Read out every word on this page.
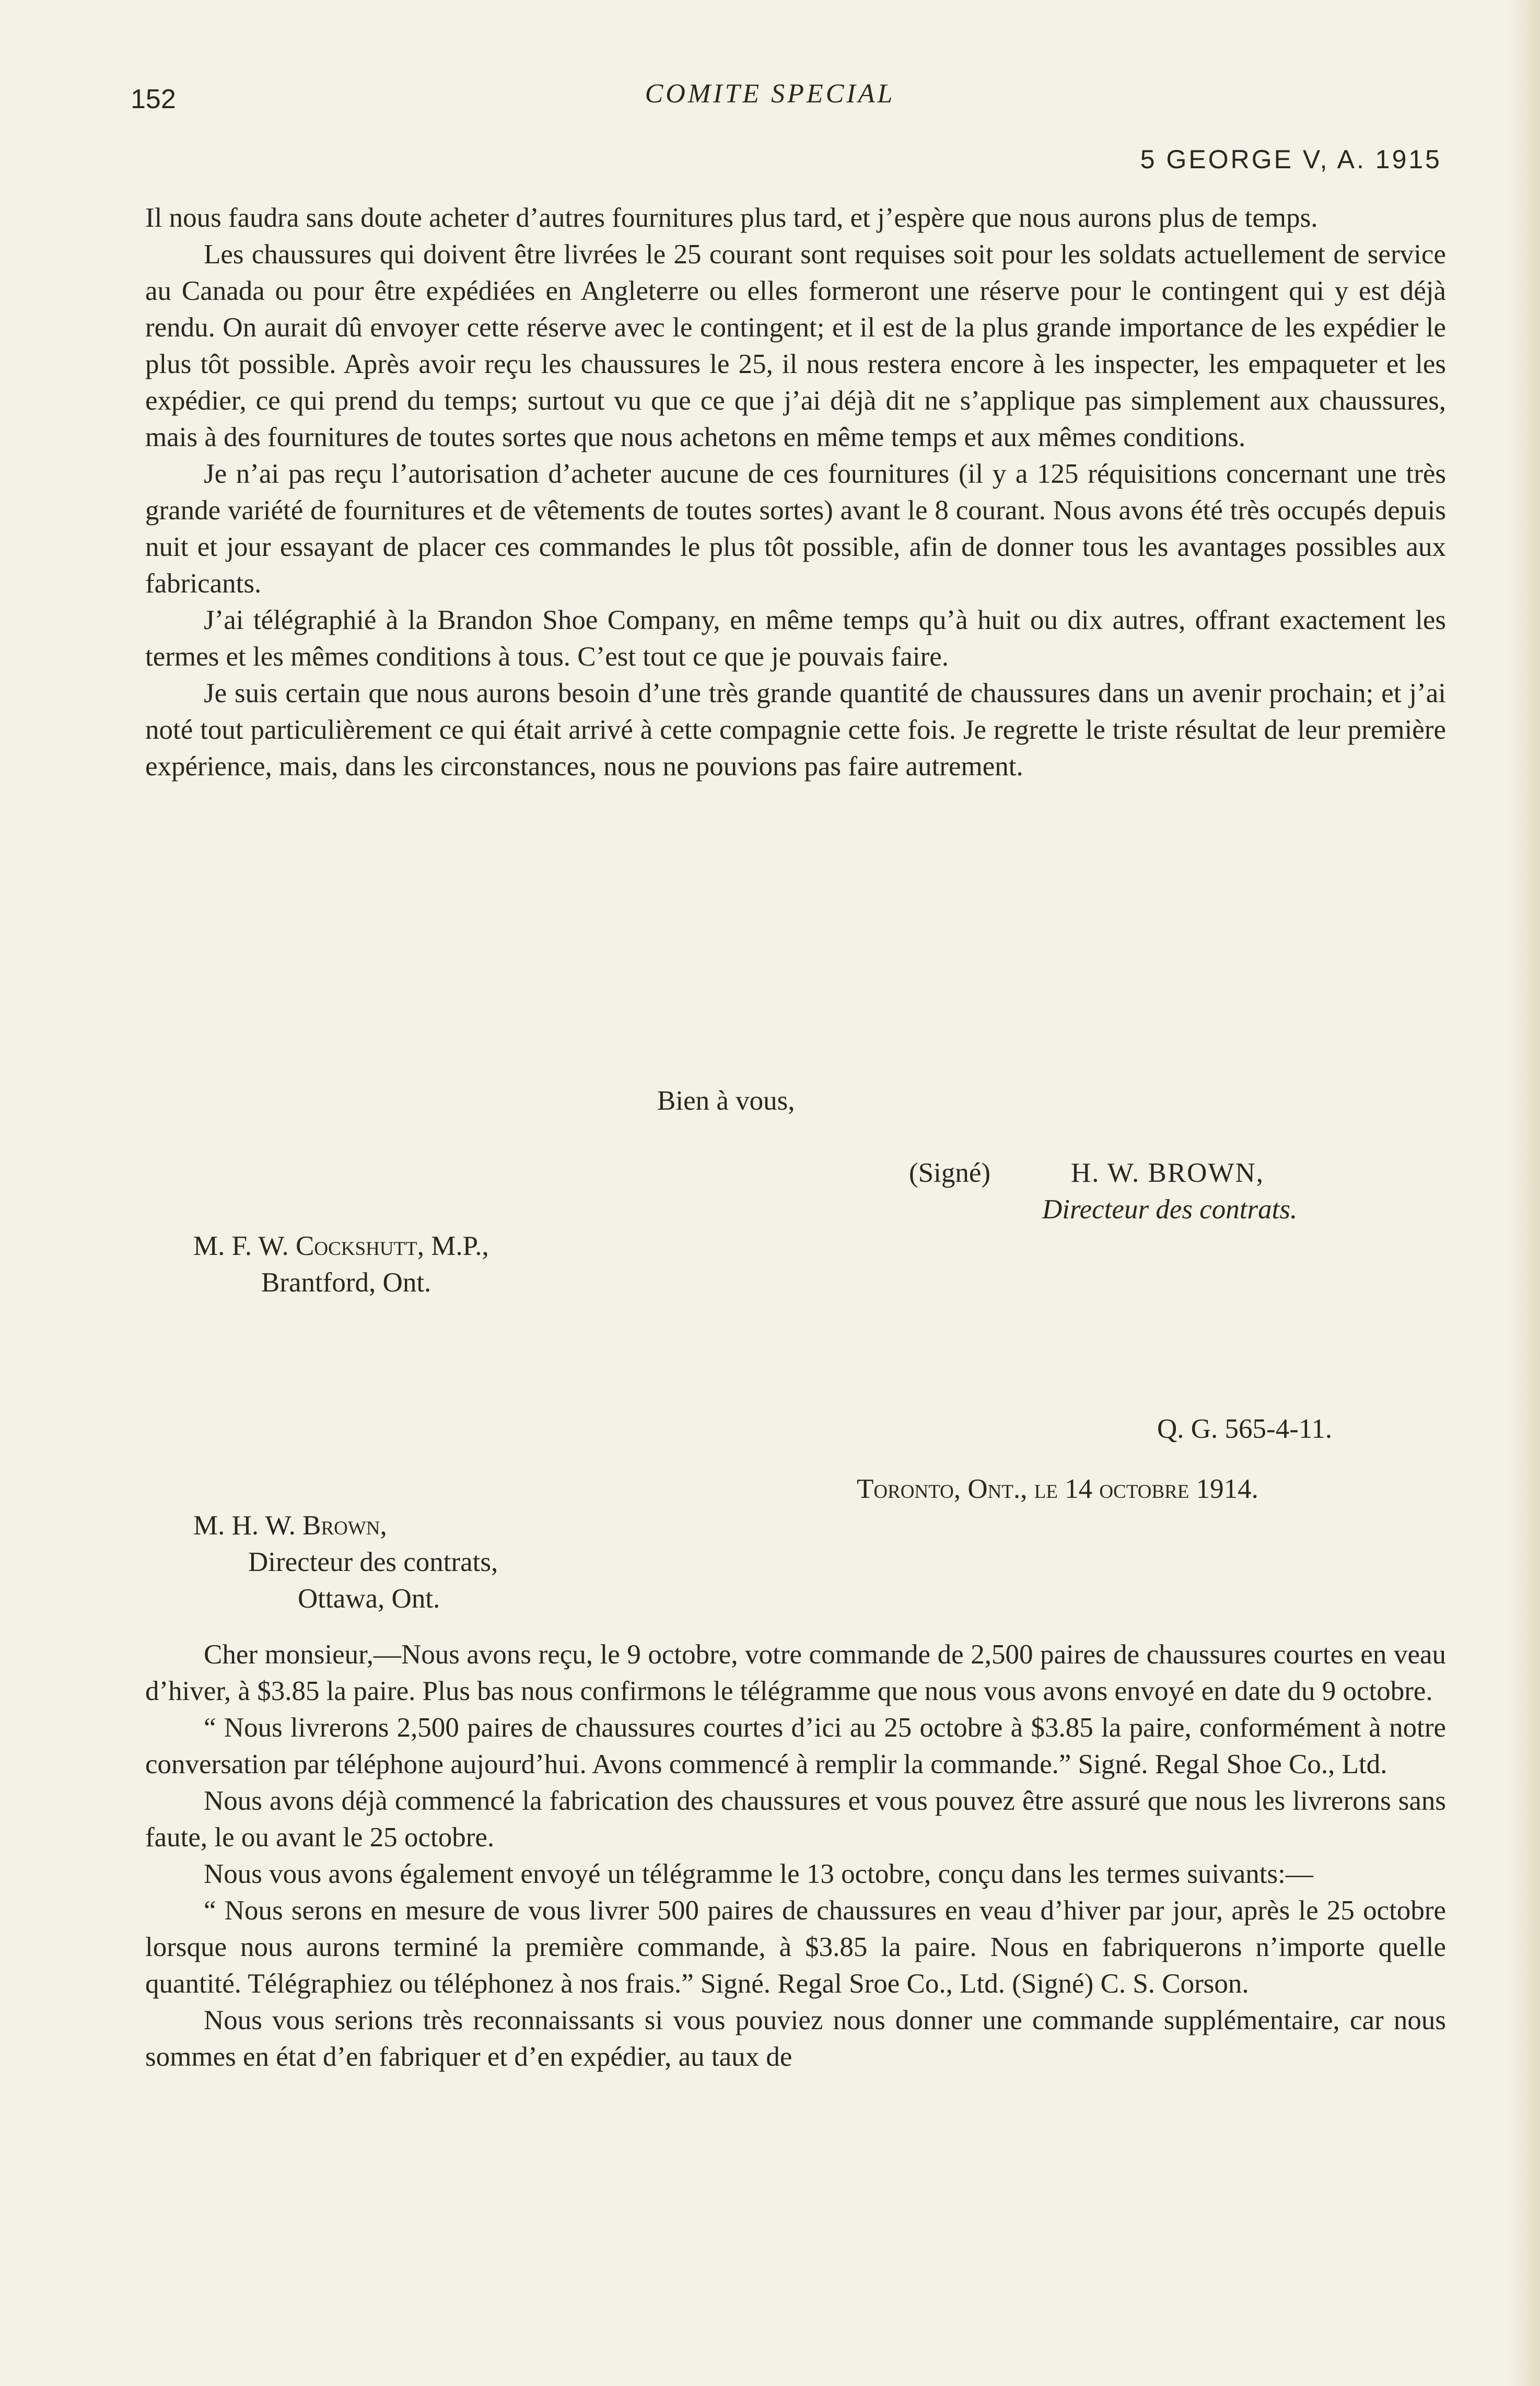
152	COMITE SPECIAL
5 GEORGE V, A. 1915

Il nous faudra sans doute acheter d’autres fournitures plus tard, et j’espère que nous aurons plus de temps.

Les chaussures qui doivent être livrées le 25 courant sont requises soit pour les soldats actuellement de service au Canada ou pour être expédiées en Angleterre ou elles formeront une réserve pour le contingent qui y est déjà rendu. On aurait dû envoyer cette réserve avec le contingent; et il est de la plus grande importance de les expédier le plus tôt possible. Après avoir reçu les chaussures le 25, il nous restera encore à les inspecter, les empaqueter et les expédier, ce qui prend du temps; surtout vu que ce que j’ai déjà dit ne s’applique pas simplement aux chaussures, mais à des fournitures de toutes sortes que nous achetons en même temps et aux mêmes conditions.

Je n’ai pas reçu l’autorisation d’acheter aucune de ces fournitures (il y a 125 réquisitions concernant une très grande variété de fournitures et de vêtements de toutes sortes) avant le 8 courant. Nous avons été très occupés depuis nuit et jour essayant de placer ces commandes le plus tôt possible, afin de donner tous les avantages possibles aux fabricants.

J’ai télégraphié à la Brandon Shoe Company, en même temps qu’à huit ou dix autres, offrant exactement les termes et les mêmes conditions à tous. C’est tout ce que je pouvais faire.

Je suis certain que nous aurons besoin d’une très grande quantité de chaussures dans un avenir prochain; et j’ai noté tout particulièrement ce qui était arrivé à cette compagnie cette fois. Je regrette le triste résultat de leur première expérience, mais, dans les circonstances, nous ne pouvions pas faire autrement.

Bien à vous,
(Signé)	H. W. BROWN,
Directeur des contrats.
M. F. W. Cockshutt, M.P.,
Brantford, Ont.
Q. G. 565-4-11.
Toronto, Ont., le 14 octobre 1914.
M. H. W. Brown,
Directeur des contrats,
Ottawa, Ont.

Cher monsieur,—Nous avons reçu, le 9 octobre, votre commande de 2,500 paires de chaussures courtes en veau d’hiver, à $3.85 la paire. Plus bas nous confirmons le télégramme que nous vous avons envoyé en date du 9 octobre.

“ Nous livrerons 2,500 paires de chaussures courtes d’ici au 25 octobre à $3.85 la paire, conformément à notre conversation par téléphone aujourd’hui. Avons commencé à remplir la commande.” Signé. Regal Shoe Co., Ltd.

Nous avons déjà commencé la fabrication des chaussures et vous pouvez être assuré que nous les livrerons sans faute, le ou avant le 25 octobre.

Nous vous avons également envoyé un télégramme le 13 octobre, conçu dans les termes suivants:—

“ Nous serons en mesure de vous livrer 500 paires de chaussures en veau d’hiver par jour, après le 25 octobre lorsque nous aurons terminé la première commande, à $3.85 la paire. Nous en fabriquerons n’importe quelle quantité. Télégraphiez ou téléphonez à nos frais.” Signé. Regal Sroe Co., Ltd. (Signé) C. S. Corson.

Nous vous serions très reconnaissants si vous pouviez nous donner une commande supplémentaire, car nous sommes en état d’en fabriquer et d’en expédier, au taux de
